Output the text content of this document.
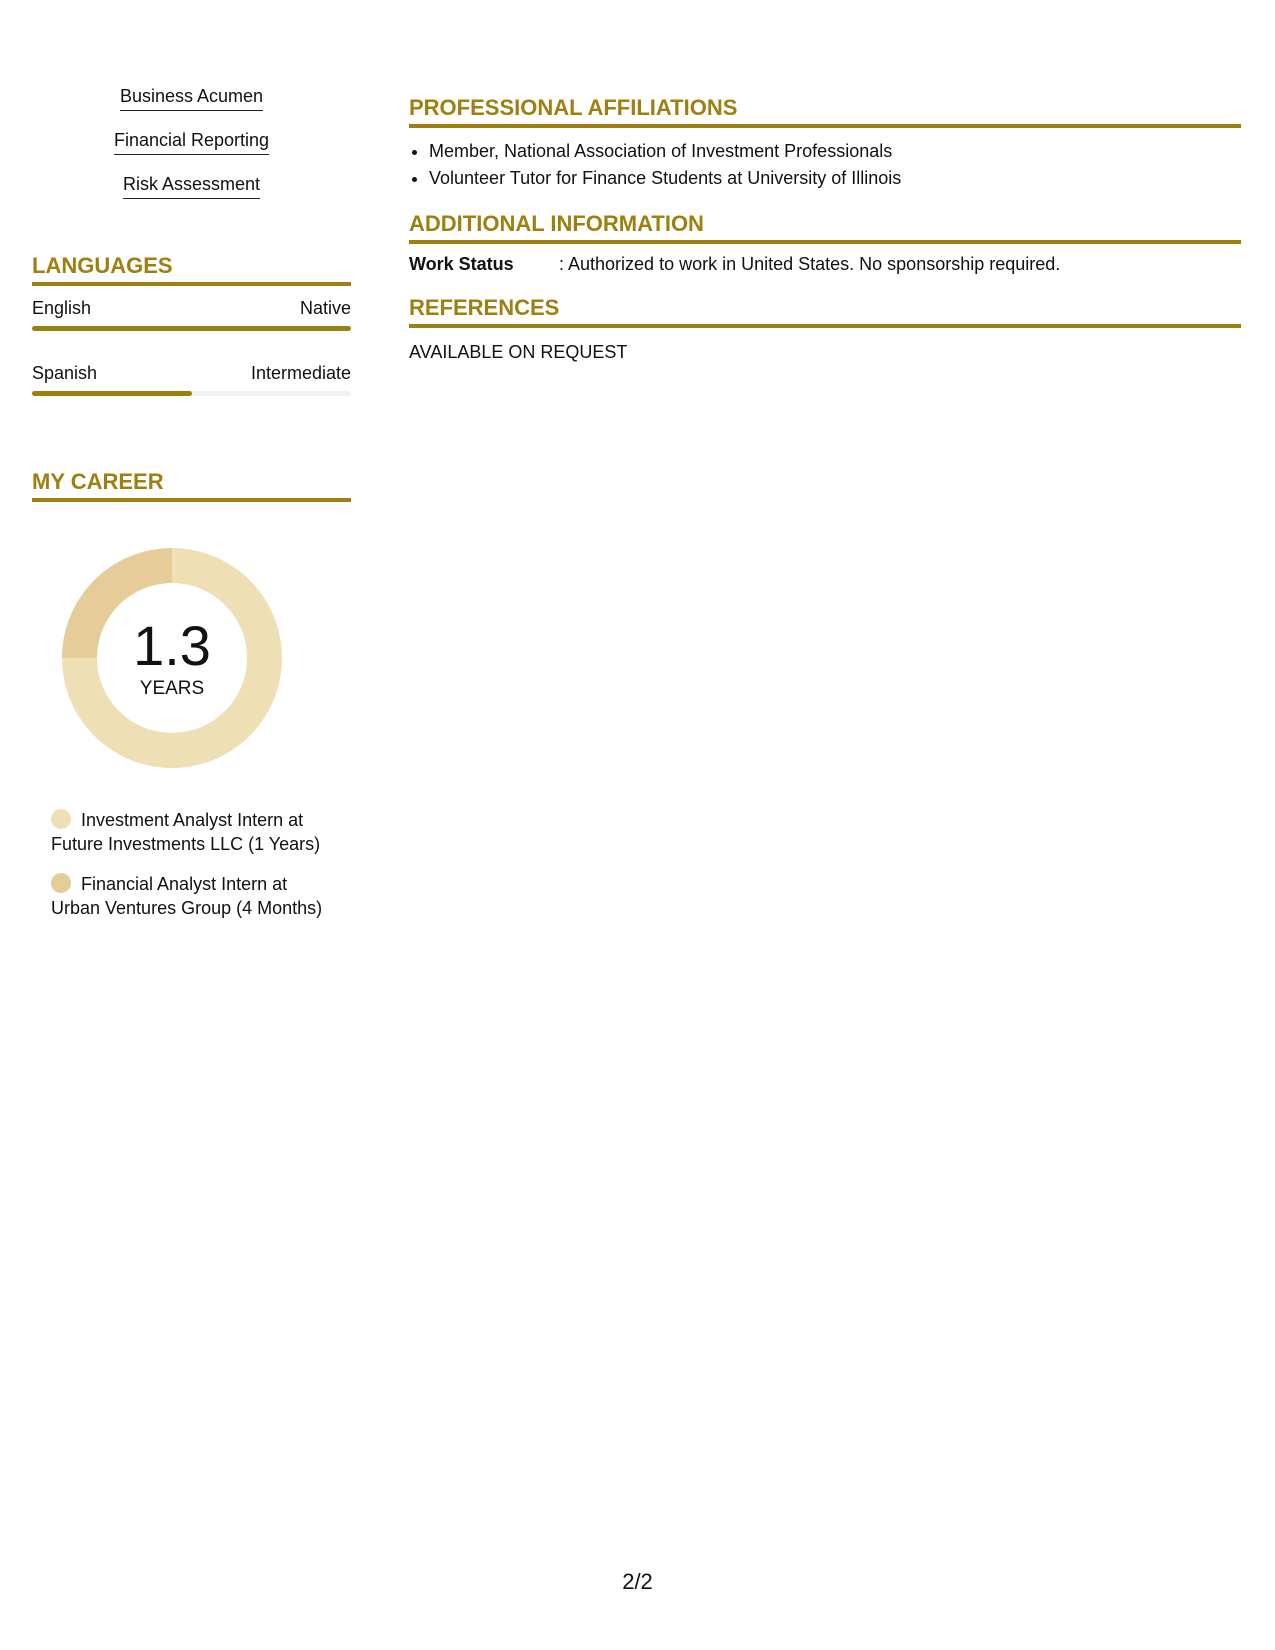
Business Acumen
Financial Reporting
Risk Assessment
LANGUAGES
English	Native
Spanish	Intermediate
MY CAREER
1.3
YEARS
Investment Analyst Intern at Future Investments LLC (1 Years)
Financial Analyst Intern at Urban Ventures Group (4 Months)
PROFESSIONAL AFFILIATIONS
• Member, National Association of Investment Professionals
• Volunteer Tutor for Finance Students at University of Illinois
ADDITIONAL INFORMATION
Work Status	: Authorized to work in United States. No sponsorship required.
REFERENCES
AVAILABLE ON REQUEST
2/2
